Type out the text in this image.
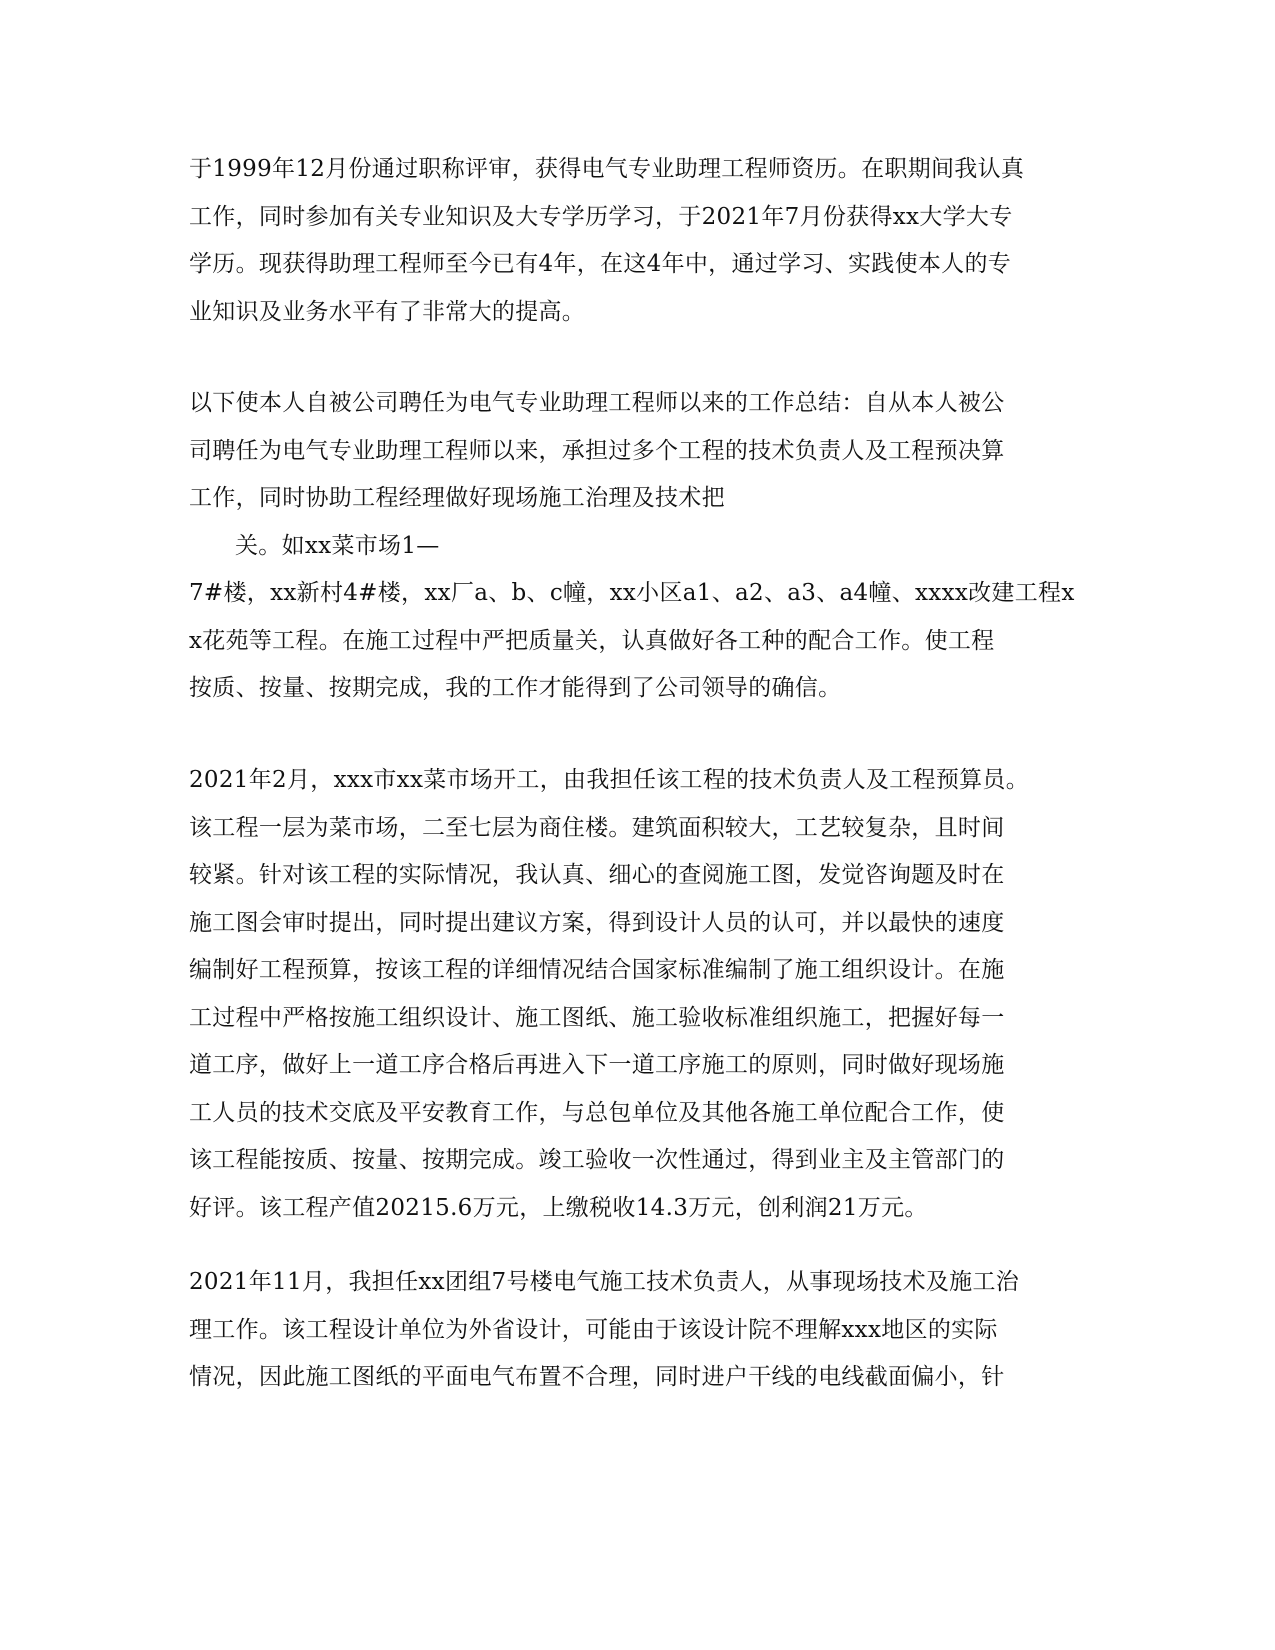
于1999年12月份通过职称评审，获得电气专业助理工程师资历。在职期间我认真
工作，同时参加有关专业知识及大专学历学习，于2021年7月份获得xx大学大专
学历。现获得助理工程师至今已有4年，在这4年中，通过学习、实践使本人的专
业知识及业务水平有了非常大的提高。
以下使本人自被公司聘任为电气专业助理工程师以来的工作总结：自从本人被公
司聘任为电气专业助理工程师以来，承担过多个工程的技术负责人及工程预决算
工作，同时协助工程经理做好现场施工治理及技术把
关。如xx菜市场1—
7#楼，xx新村4#楼，xx厂a、b、c幢，xx小区a1、a2、a3、a4幢、xxxx改建工程x
x花苑等工程。在施工过程中严把质量关，认真做好各工种的配合工作。使工程
按质、按量、按期完成，我的工作才能得到了公司领导的确信。
2021年2月，xxx市xx菜市场开工，由我担任该工程的技术负责人及工程预算员。
该工程一层为菜市场，二至七层为商住楼。建筑面积较大，工艺较复杂，且时间
较紧。针对该工程的实际情况，我认真、细心的查阅施工图，发觉咨询题及时在
施工图会审时提出，同时提出建议方案，得到设计人员的认可，并以最快的速度
编制好工程预算，按该工程的详细情况结合国家标准编制了施工组织设计。在施
工过程中严格按施工组织设计、施工图纸、施工验收标准组织施工，把握好每一
道工序，做好上一道工序合格后再进入下一道工序施工的原则，同时做好现场施
工人员的技术交底及平安教育工作，与总包单位及其他各施工单位配合工作，使
该工程能按质、按量、按期完成。竣工验收一次性通过，得到业主及主管部门的
好评。该工程产值20215.6万元，上缴税收14.3万元，创利润21万元。
2021年11月，我担任xx团组7号楼电气施工技术负责人，从事现场技术及施工治
理工作。该工程设计单位为外省设计，可能由于该设计院不理解xxx地区的实际
情况，因此施工图纸的平面电气布置不合理，同时进户干线的电线截面偏小，针
